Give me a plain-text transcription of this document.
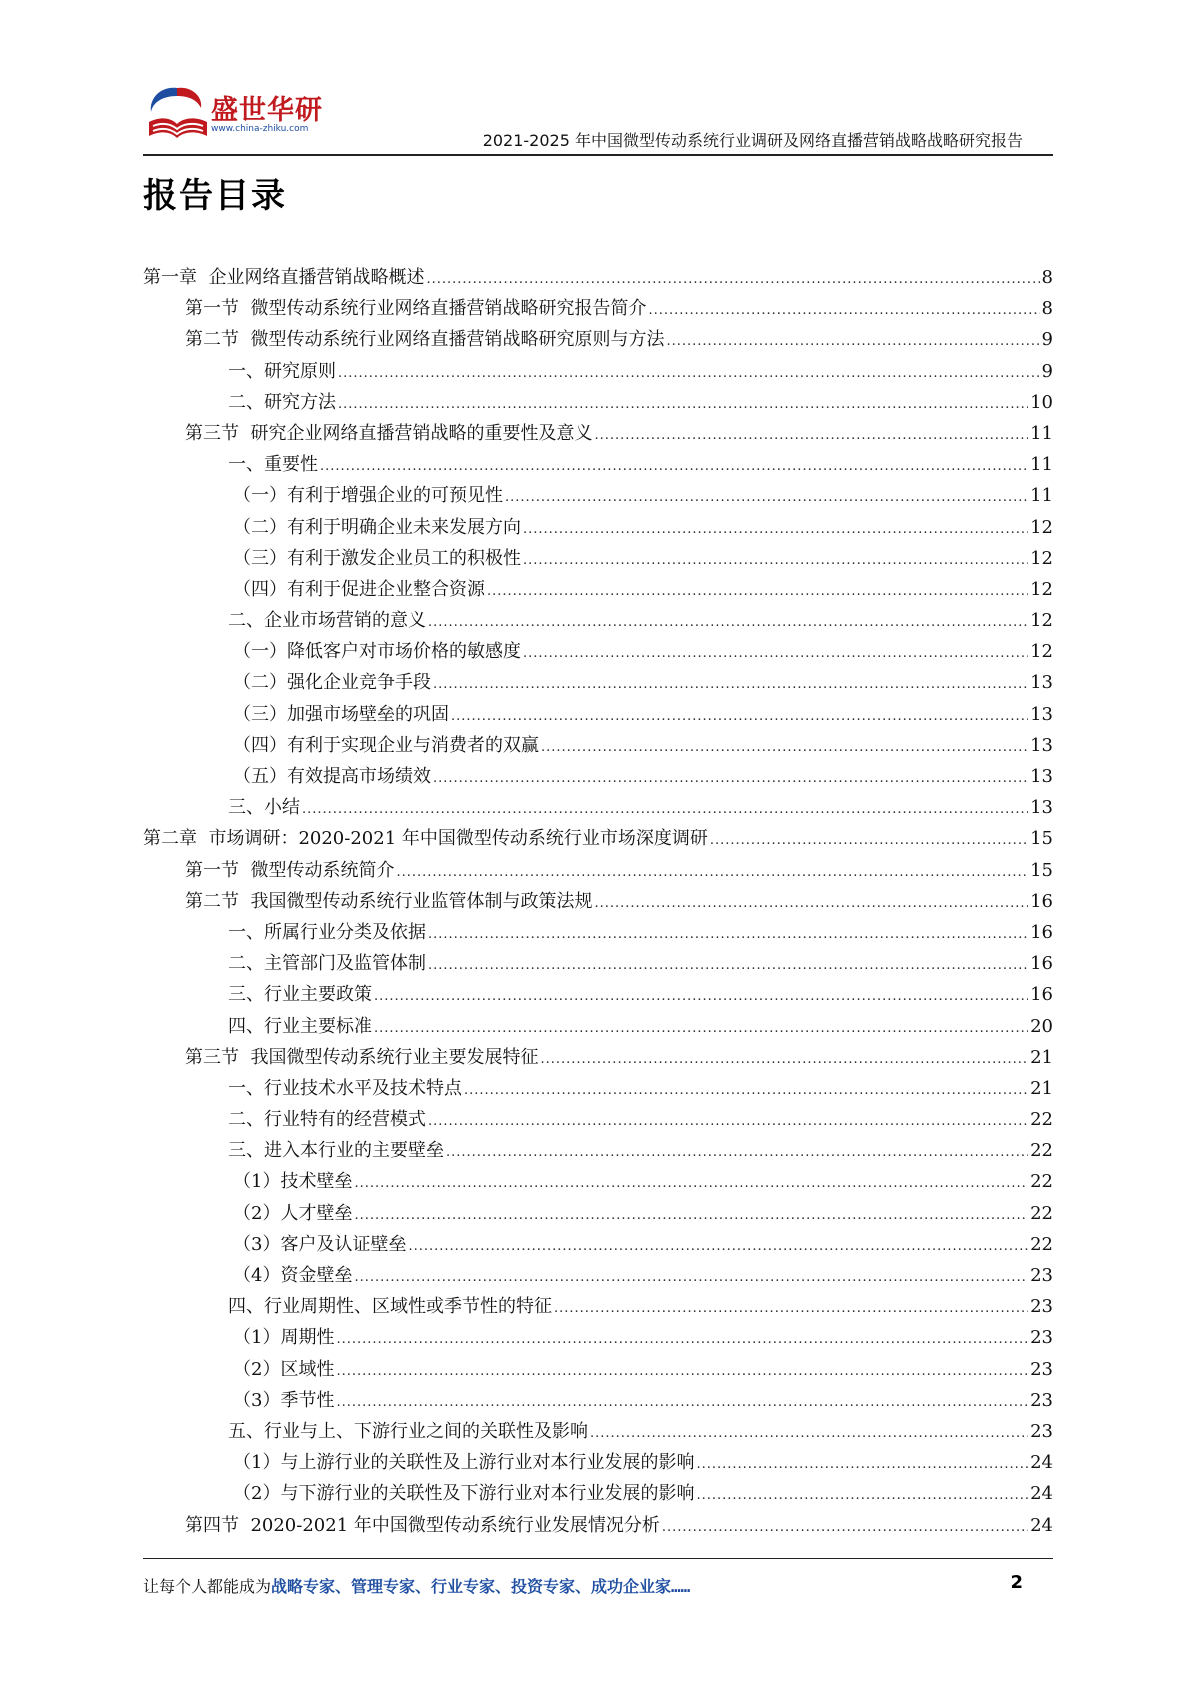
盛世华研
www.china-zhiku.com
2021-2025 年中国微型传动系统行业调研及网络直播营销战略战略研究报告
报告目录
第一章  企业网络直播营销战略概述 .....	8
第一节  微型传动系统行业网络直播营销战略研究报告简介 .....	8
第二节  微型传动系统行业网络直播营销战略研究原则与方法 .....	9
一、研究原则 .....	9
二、研究方法 .....	10
第三节  研究企业网络直播营销战略的重要性及意义 .....	11
一、重要性 .....	11
（一）有利于增强企业的可预见性 .....	11
（二）有利于明确企业未来发展方向 .....	12
（三）有利于激发企业员工的积极性 .....	12
（四）有利于促进企业整合资源 .....	12
二、企业市场营销的意义 .....	12
（一）降低客户对市场价格的敏感度 .....	12
（二）强化企业竞争手段 .....	13
（三）加强市场壁垒的巩固 .....	13
（四）有利于实现企业与消费者的双赢 .....	13
（五）有效提高市场绩效 .....	13
三、小结 .....	13
第二章  市场调研：2020-2021 年中国微型传动系统行业市场深度调研 .....	15
第一节  微型传动系统简介 .....	15
第二节  我国微型传动系统行业监管体制与政策法规 .....	16
一、所属行业分类及依据 .....	16
二、主管部门及监管体制 .....	16
三、行业主要政策 .....	16
四、行业主要标准 .....	20
第三节  我国微型传动系统行业主要发展特征 .....	21
一、行业技术水平及技术特点 .....	21
二、行业特有的经营模式 .....	22
三、进入本行业的主要壁垒 .....	22
（1）技术壁垒 .....	22
（2）人才壁垒 .....	22
（3）客户及认证壁垒 .....	22
（4）资金壁垒 .....	23
四、行业周期性、区域性或季节性的特征 .....	23
（1）周期性 .....	23
（2）区域性 .....	23
（3）季节性 .....	23
五、行业与上、下游行业之间的关联性及影响 .....	23
（1）与上游行业的关联性及上游行业对本行业发展的影响 .....	24
（2）与下游行业的关联性及下游行业对本行业发展的影响 .....	24
第四节  2020-2021 年中国微型传动系统行业发展情况分析 .....	24
让每个人都能成为战略专家、管理专家、行业专家、投资专家、成功企业家……	2
